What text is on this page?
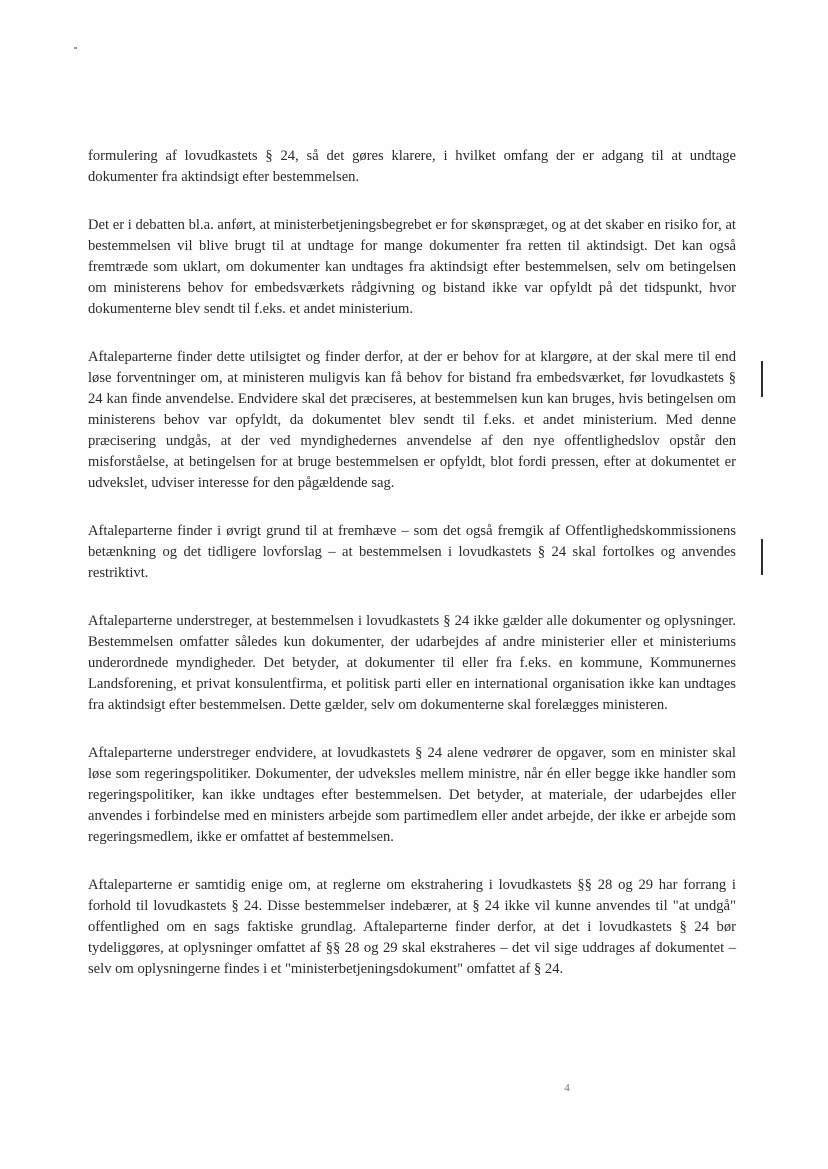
formulering af lovudkastets § 24, så det gøres klarere, i hvilket omfang der er adgang til at undtage dokumenter fra aktindsigt efter bestemmelsen.

Det er i debatten bl.a. anført, at ministerbetjeningsbegrebet er for skønspræget, og at det skaber en risiko for, at bestemmelsen vil blive brugt til at undtage for mange dokumenter fra retten til aktindsigt. Det kan også fremtræde som uklart, om dokumenter kan undtages fra aktindsigt efter bestemmelsen, selv om betingelsen om ministerens behov for embedsværkets rådgivning og bistand ikke var opfyldt på det tidspunkt, hvor dokumenterne blev sendt til f.eks. et andet ministerium.

Aftaleparterne finder dette utilsigtet og finder derfor, at der er behov for at klargøre, at der skal mere til end løse forventninger om, at ministeren muligvis kan få behov for bistand fra embedsværket, før lovudkastets § 24 kan finde anvendelse. Endvidere skal det præciseres, at bestemmelsen kun kan bruges, hvis betingelsen om ministerens behov var opfyldt, da dokumentet blev sendt til f.eks. et andet ministerium. Med denne præcisering undgås, at der ved myndighedernes anvendelse af den nye offentlighedslov opstår den misforståelse, at betingelsen for at bruge bestemmelsen er opfyldt, blot fordi pressen, efter at dokumentet er udvekslet, udviser interesse for den pågældende sag.

Aftaleparterne finder i øvrigt grund til at fremhæve – som det også fremgik af Offentlighedskommissionens betænkning og det tidligere lovforslag – at bestemmelsen i lovudkastets § 24 skal fortolkes og anvendes restriktivt.

Aftaleparterne understreger, at bestemmelsen i lovudkastets § 24 ikke gælder alle dokumenter og oplysninger. Bestemmelsen omfatter således kun dokumenter, der udarbejdes af andre ministerier eller et ministeriums underordnede myndigheder. Det betyder, at dokumenter til eller fra f.eks. en kommune, Kommunernes Landsforening, et privat konsulentfirma, et politisk parti eller en international organisation ikke kan undtages fra aktindsigt efter bestemmelsen. Dette gælder, selv om dokumenterne skal forelægges ministeren.

Aftaleparterne understreger endvidere, at lovudkastets § 24 alene vedrører de opgaver, som en minister skal løse som regeringspolitiker. Dokumenter, der udveksles mellem ministre, når én eller begge ikke handler som regeringspolitiker, kan ikke undtages efter bestemmelsen. Det betyder, at materiale, der udarbejdes eller anvendes i forbindelse med en ministers arbejde som partimedlem eller andet arbejde, der ikke er arbejde som regeringsmedlem, ikke er omfattet af bestemmelsen.

Aftaleparterne er samtidig enige om, at reglerne om ekstrahering i lovudkastets §§ 28 og 29 har forrang i forhold til lovudkastets § 24. Disse bestemmelser indebærer, at § 24 ikke vil kunne anvendes til "at undgå" offentlighed om en sags faktiske grundlag. Aftaleparterne finder derfor, at det i lovudkastets § 24 bør tydeliggøres, at oplysninger omfattet af §§ 28 og 29 skal ekstraheres – det vil sige uddrages af dokumentet – selv om oplysningerne findes i et "ministerbetjeningsdokument" omfattet af § 24.

4
